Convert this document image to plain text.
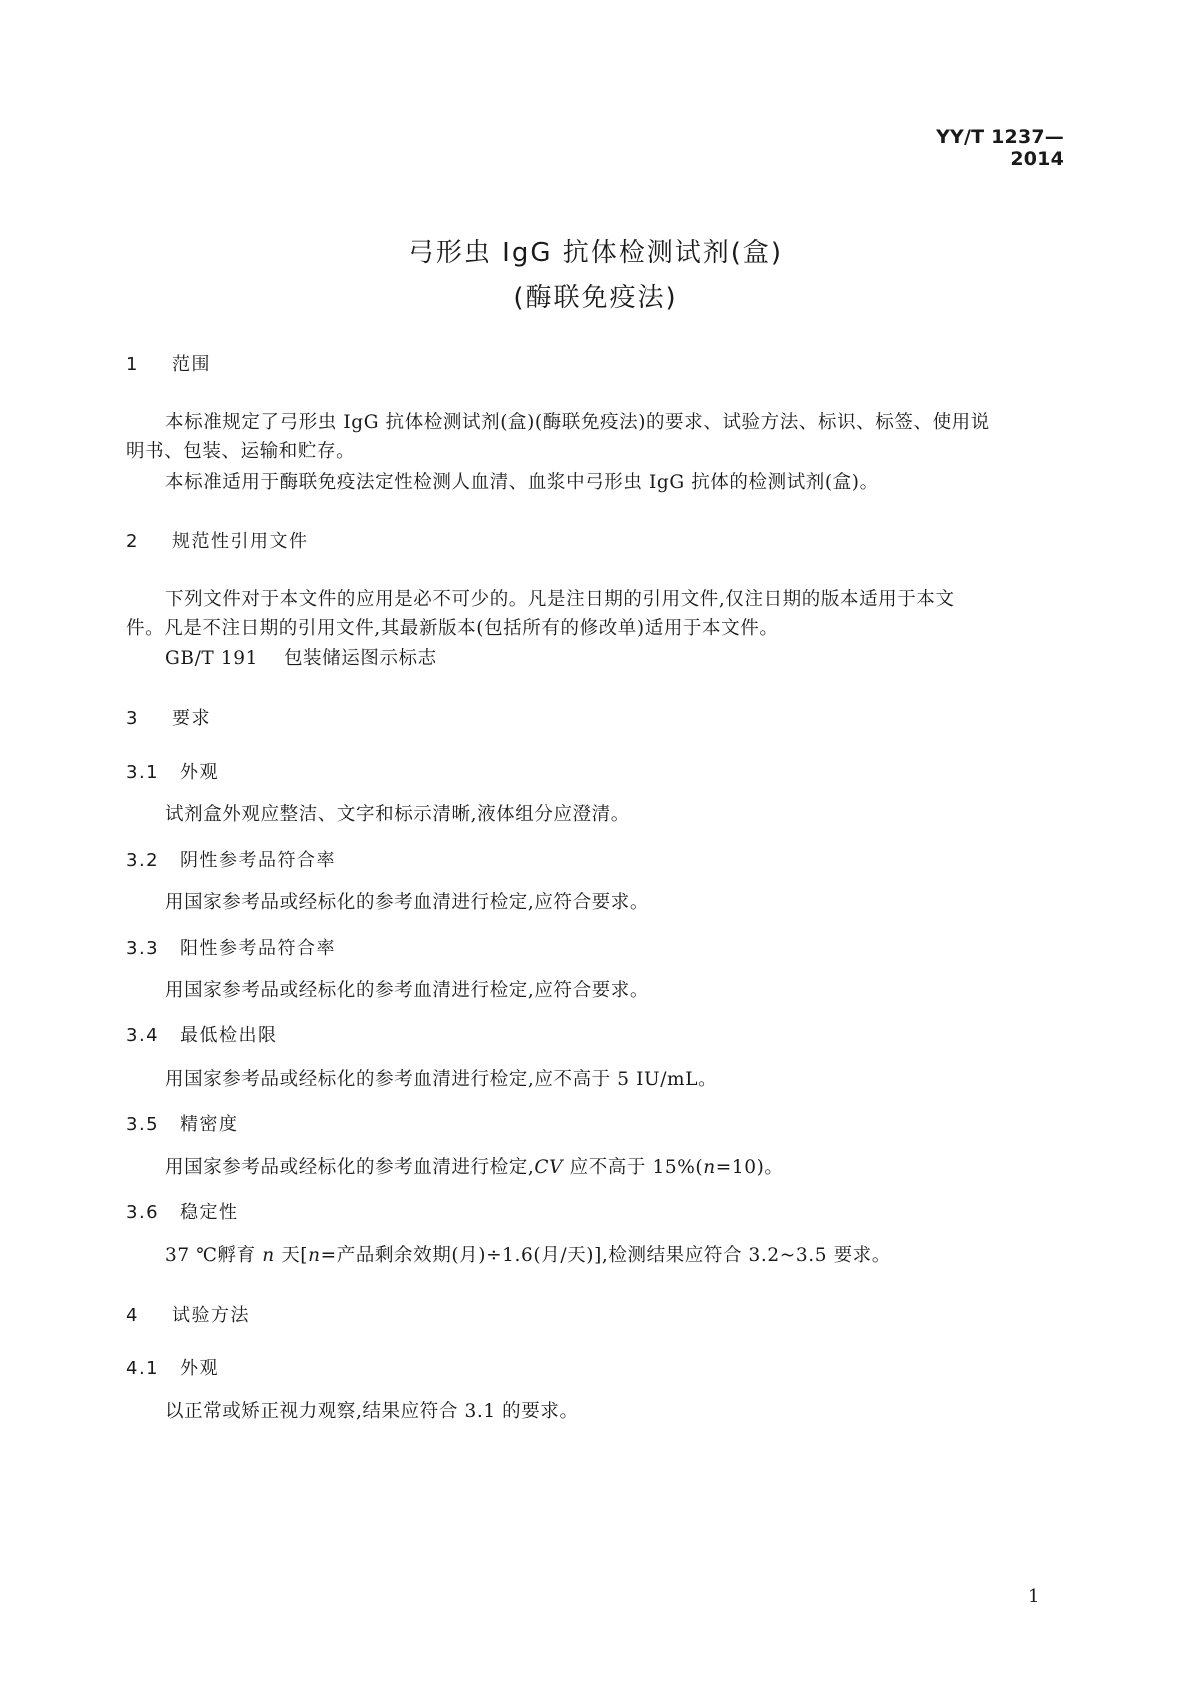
YY/T 1237—2014
弓形虫 IgG 抗体检测试剂(盒)
(酶联免疫法)
1 范围
本标准规定了弓形虫 IgG 抗体检测试剂(盒)(酶联免疫法)的要求、试验方法、标识、标签、使用说
明书、包装、运输和贮存。
本标准适用于酶联免疫法定性检测人血清、血浆中弓形虫 IgG 抗体的检测试剂(盒)。
2 规范性引用文件
下列文件对于本文件的应用是必不可少的。凡是注日期的引用文件,仅注日期的版本适用于本文
件。凡是不注日期的引用文件,其最新版本(包括所有的修改单)适用于本文件。
GB/T 191 包装储运图示标志
3 要求
3.1 外观
试剂盒外观应整洁、文字和标示清晰,液体组分应澄清。
3.2 阴性参考品符合率
用国家参考品或经标化的参考血清进行检定,应符合要求。
3.3 阳性参考品符合率
用国家参考品或经标化的参考血清进行检定,应符合要求。
3.4 最低检出限
用国家参考品或经标化的参考血清进行检定,应不高于 5 IU/mL。
3.5 精密度
用国家参考品或经标化的参考血清进行检定,CV 应不高于 15%(n=10)。
3.6 稳定性
37 ℃孵育 n 天[n=产品剩余效期(月)÷1.6(月/天)],检测结果应符合 3.2~3.5 要求。
4 试验方法
4.1 外观
以正常或矫正视力观察,结果应符合 3.1 的要求。
1
